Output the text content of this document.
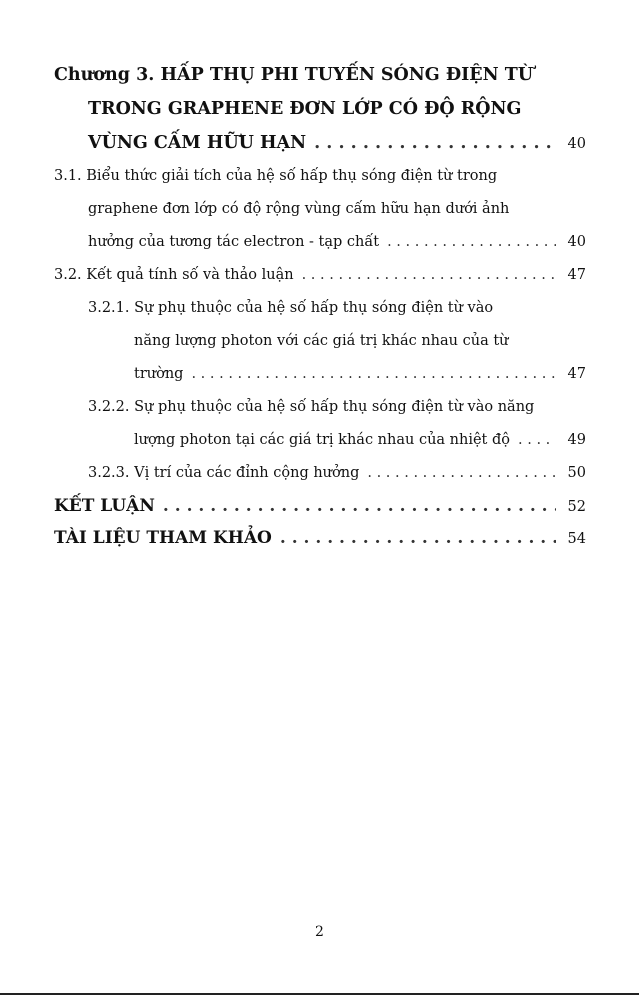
Chương 3. HẤP THỤ PHI TUYẾN SÓNG ĐIỆN TỪ
TRONG GRAPHENE ĐƠN LỚP CÓ ĐỘ RỘNG
VÙNG CẤM HỮU HẠN . . .	40
3.1. Biểu thức giải tích của hệ số hấp thụ sóng điện từ trong
graphene đơn lớp có độ rộng vùng cấm hữu hạn dưới ảnh
hưởng của tương tác electron - tạp chất . . .	40
3.2. Kết quả tính số và thảo luận . . .	47
3.2.1. Sự phụ thuộc của hệ số hấp thụ sóng điện từ vào
năng lượng photon với các giá trị khác nhau của từ
trường . . .	47
3.2.2. Sự phụ thuộc của hệ số hấp thụ sóng điện từ vào năng
lượng photon tại các giá trị khác nhau của nhiệt độ . . .	49
3.2.3. Vị trí của các đỉnh cộng hưởng . . .	50
KẾT LUẬN . . .	52
TÀI LIỆU THAM KHẢO . . .	54
2
